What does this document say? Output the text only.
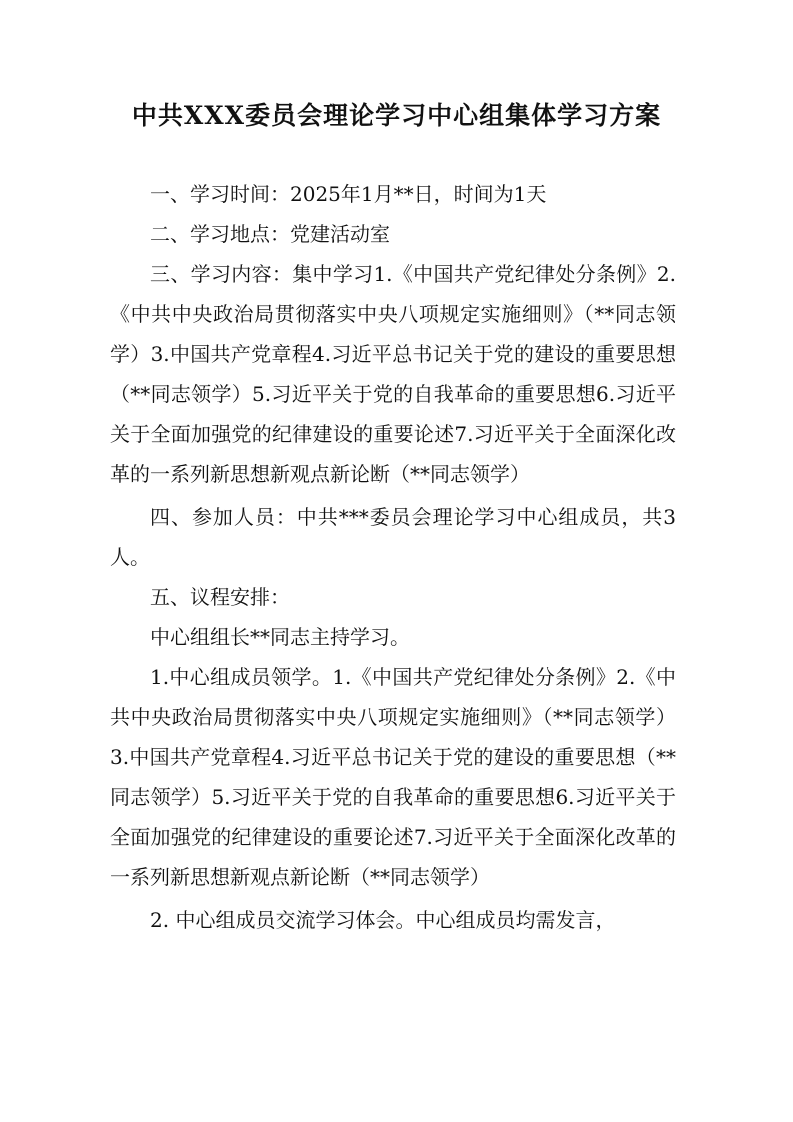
中共XXX委员会理论学习中心组集体学习方案

一、学习时间：2025年1月**日，时间为1天

二、学习地点：党建活动室

三、学习内容：集中学习1.《中国共产党纪律处分条例》2.《中共中央政治局贯彻落实中央八项规定实施细则》（**同志领学）3.中国共产党章程4.习近平总书记关于党的建设的重要思想（**同志领学）5.习近平关于党的自我革命的重要思想6.习近平关于全面加强党的纪律建设的重要论述7.习近平关于全面深化改革的一系列新思想新观点新论断（**同志领学）

四、参加人员：中共***委员会理论学习中心组成员，共3人。

五、议程安排：

中心组组长**同志主持学习。

1.中心组成员领学。1.《中国共产党纪律处分条例》2.《中共中央政治局贯彻落实中央八项规定实施细则》（**同志领学）3.中国共产党章程4.习近平总书记关于党的建设的重要思想（**同志领学）5.习近平关于党的自我革命的重要思想6.习近平关于全面加强党的纪律建设的重要论述7.习近平关于全面深化改革的一系列新思想新观点新论断（**同志领学）

2. 中心组成员交流学习体会。中心组成员均需发言，
